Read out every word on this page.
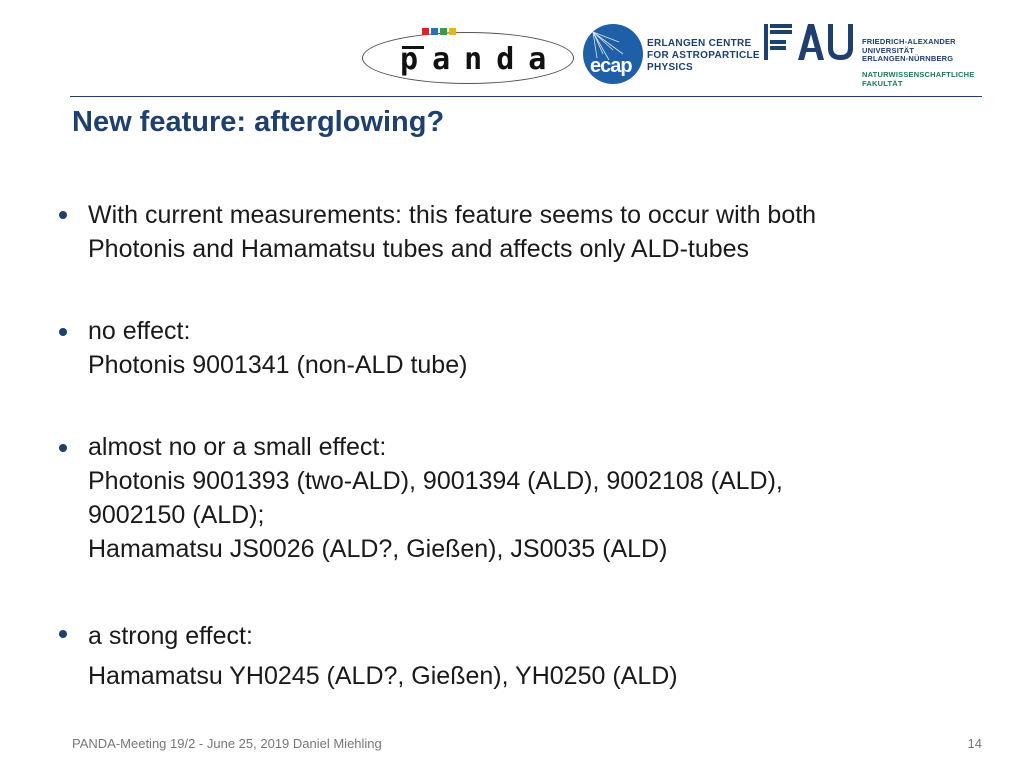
p a n d a ecap
ERLANGEN CENTRE
FOR ASTROPARTICLE
PHYSICS
FRIEDRICH-ALEXANDER
UNIVERSITÄT
ERLANGEN-NÜRNBERG
NATURWISSENSCHAFTLICHE
FAKULTÄT
New feature: afterglowing?
With current measurements: this feature seems to occur with both
Photonis and Hamamatsu tubes and affects only ALD-tubes
no effect:
Photonis 9001341 (non-ALD tube)
almost no or a small effect:
Photonis 9001393 (two-ALD), 9001394 (ALD), 9002108 (ALD),
9002150 (ALD);
Hamamatsu JS0026 (ALD?, Gießen), JS0035 (ALD)
a strong effect:
Hamamatsu YH0245 (ALD?, Gießen), YH0250 (ALD)
PANDA-Meeting 19/2 - June 25, 2019 Daniel Miehling	14
